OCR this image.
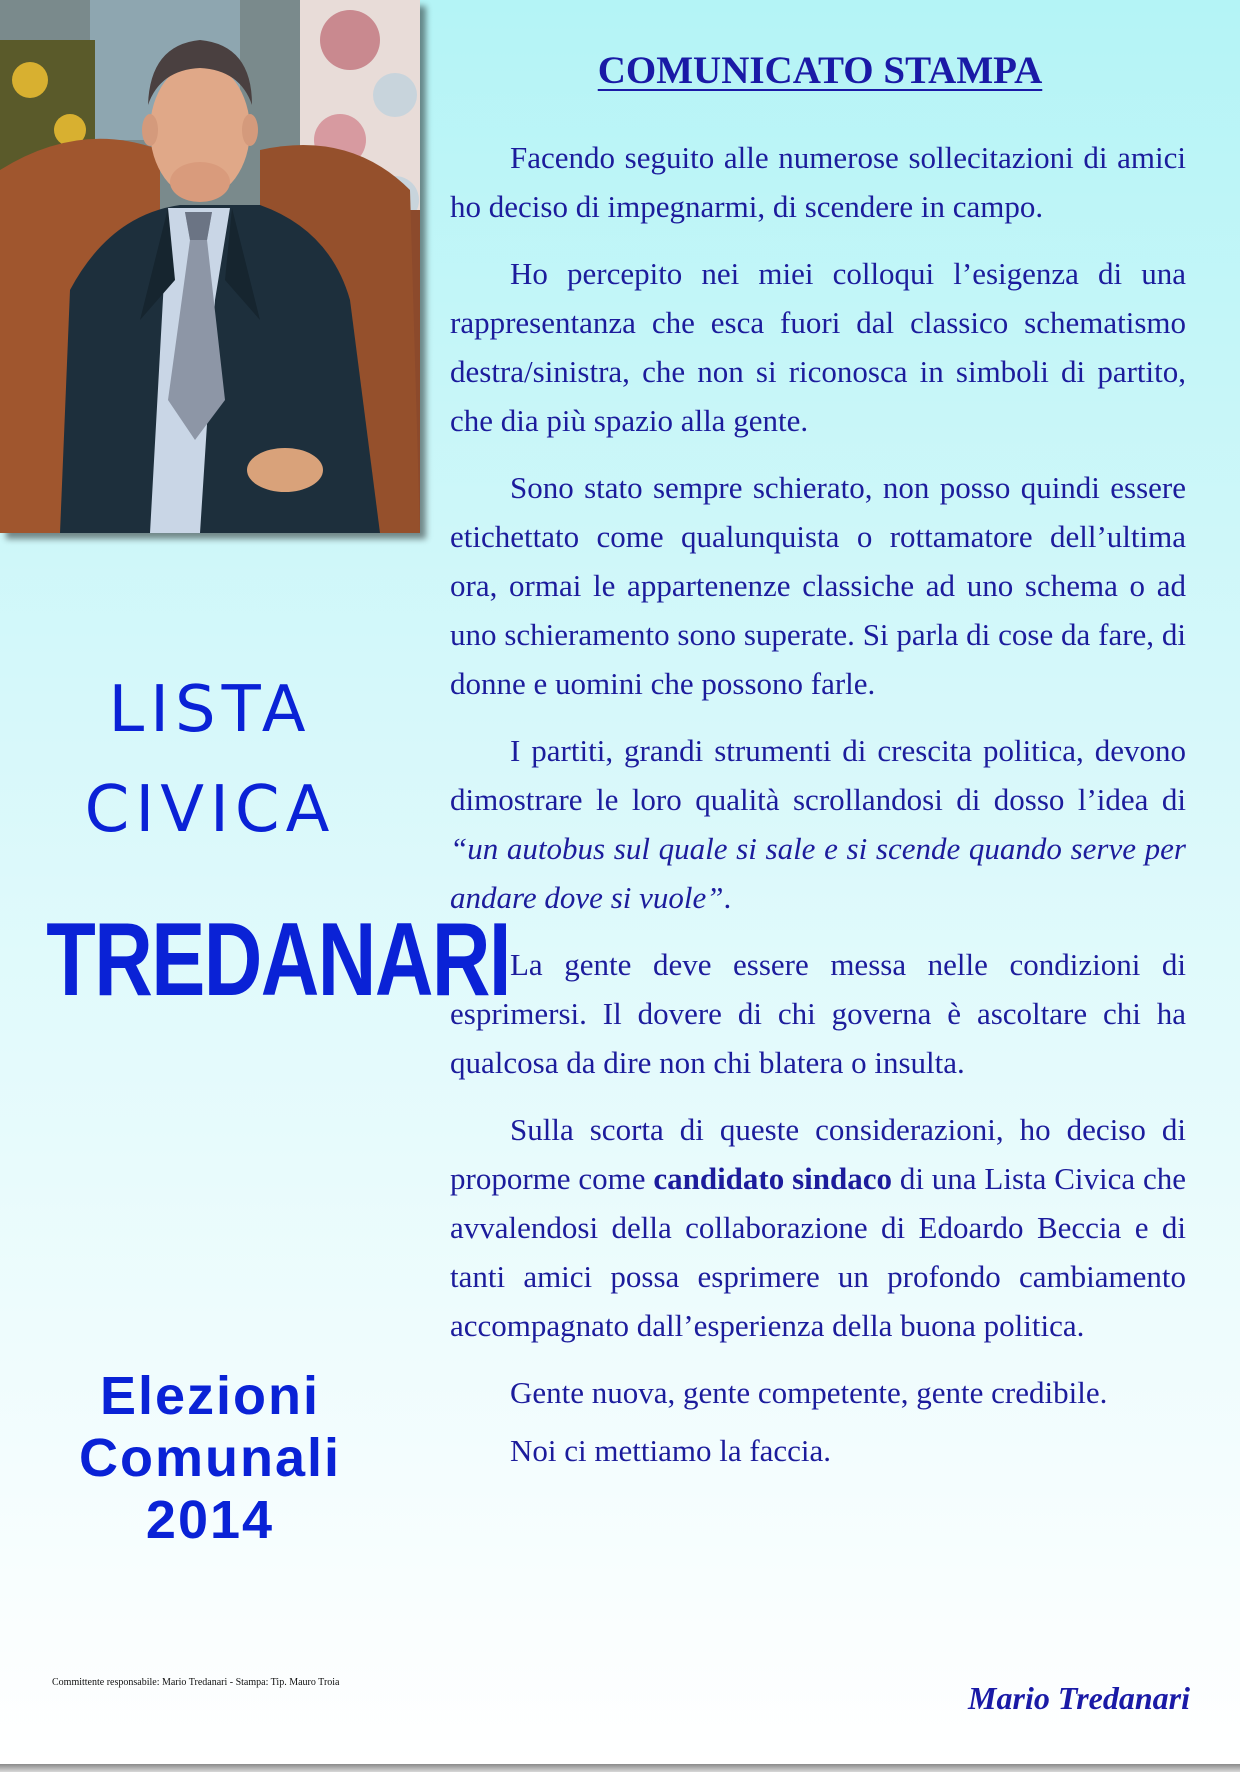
LISTA
CIVICA
TREDANARI
Elezioni
Comunali
2014
Committente responsabile: Mario Tredanari - Stampa: Tip. Mauro Troia
COMUNICATO STAMPA

Facendo seguito alle numerose sollecitazioni di amici ho deciso di impegnarmi, di scendere in campo.

Ho percepito nei miei colloqui l’esigenza di una rappresentanza che esca fuori dal classico schematismo destra/sinistra, che non si riconosca in simboli di partito, che dia più spazio alla gente.

Sono stato sempre schierato, non posso quindi essere etichettato come qualunquista o rottamatore dell’ultima ora, ormai le appartenenze classiche ad uno schema o ad uno schieramento sono superate. Si parla di cose da fare, di donne e uomini che possono farle.

I partiti, grandi strumenti di crescita politica, devono dimostrare le loro qualità scrollandosi di dosso l’idea di “un autobus sul quale si sale e si scende quando serve per andare dove si vuole”.

La gente deve essere messa nelle condizioni di esprimersi. Il dovere di chi governa è ascoltare chi ha qualcosa da dire non chi blatera o insulta.

Sulla scorta di queste considerazioni, ho deciso di proporme come candidato sindaco di una Lista Civica che avvalendosi della collaborazione di Edoardo Beccia e di tanti amici possa esprimere un profondo cambiamento accompagnato dall’esperienza della buona politica.

Gente nuova, gente competente, gente credibile.

Noi ci mettiamo la faccia.

Mario Tredanari
